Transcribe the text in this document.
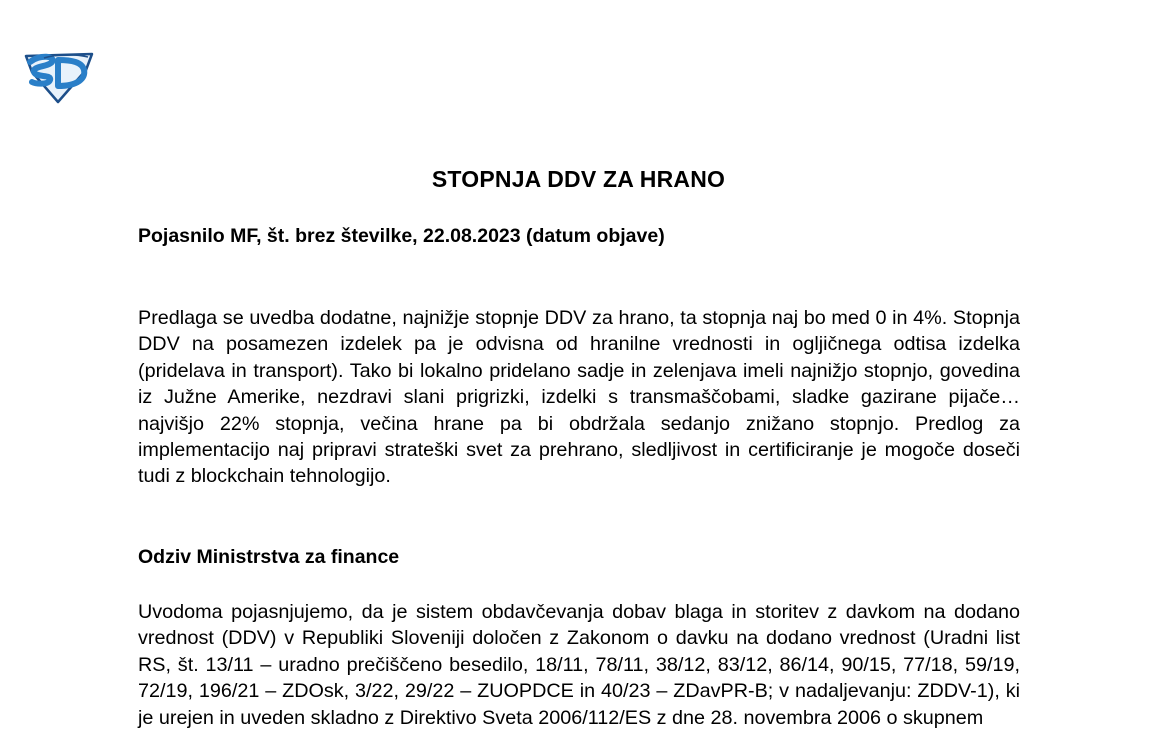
STOPNJA DDV ZA HRANO
Pojasnilo MF, št. brez številke, 22.08.2023 (datum objave)

Predlaga se uvedba dodatne, najnižje stopnje DDV za hrano, ta stopnja naj bo med 0 in 4%. Stopnja DDV na posamezen izdelek pa je odvisna od hranilne vrednosti in ogljičnega odtisa izdelka (pridelava in transport). Tako bi lokalno pridelano sadje in zelenjava imeli najnižjo stopnjo, govedina iz Južne Amerike, nezdravi slani prigrizki, izdelki s transmaščobami, sladke gazirane pijače… najvišjo 22% stopnja, večina hrane pa bi obdržala sedanjo znižano stopnjo. Predlog za implementacijo naj pripravi strateški svet za prehrano, sledljivost in certificiranje je mogoče doseči tudi z blockchain tehnologijo.

Odziv Ministrstva za finance

Uvodoma pojasnjujemo, da je sistem obdavčevanja dobav blaga in storitev z davkom na dodano vrednost (DDV) v Republiki Sloveniji določen z Zakonom o davku na dodano vrednost (Uradni list RS, št. 13/11 – uradno prečiščeno besedilo, 18/11, 78/11, 38/12, 83/12, 86/14, 90/15, 77/18, 59/19, 72/19, 196/21 – ZDOsk, 3/22, 29/22 – ZUOPDCE in 40/23 – ZDavPR-B; v nadaljevanju: ZDDV-1), ki je urejen in uveden skladno z Direktivo Sveta 2006/112/ES z dne 28. novembra 2006 o skupnem
